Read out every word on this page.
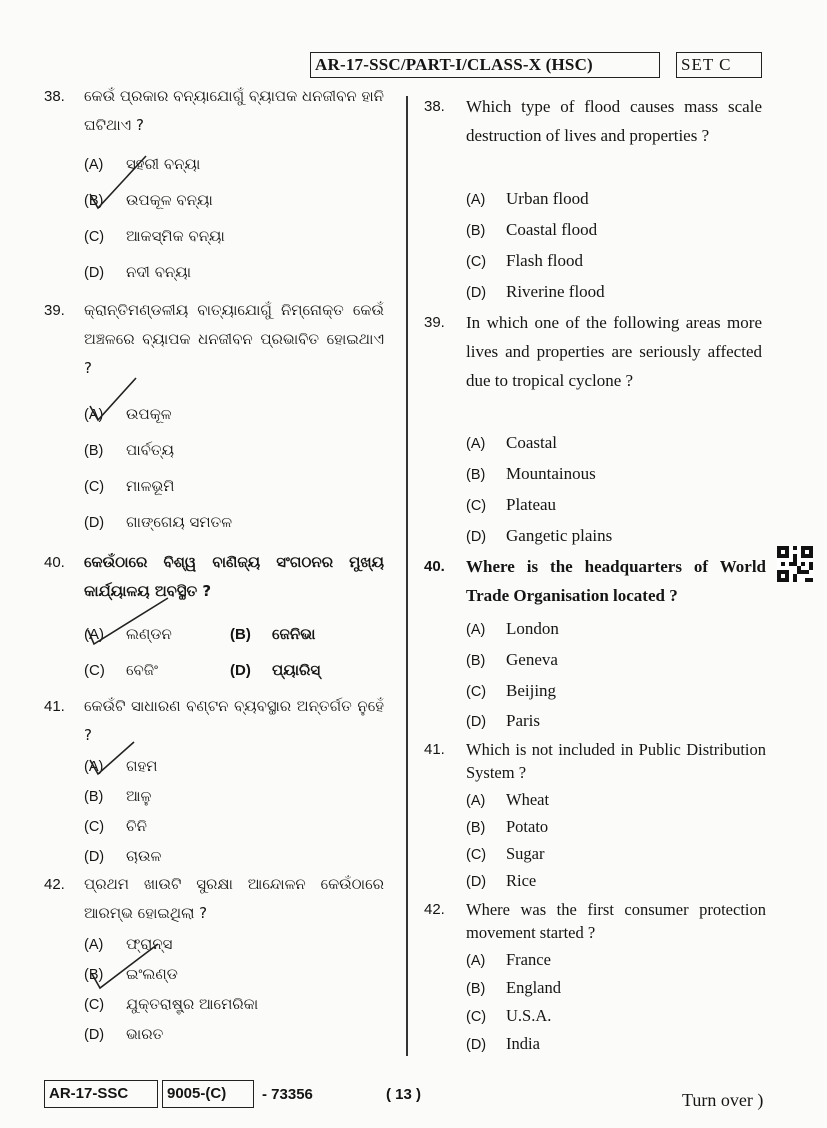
AR-17-SSC/PART-I/CLASS-X (HSC)	SET C
38.	କେଉଁ ପ୍ରକାର ବନ୍ୟାଯୋଗୁଁ ବ୍ୟାପକ ଧନଜୀବନ ହାନି ଘଟିଥାଏ ?
(A) ସହରୀ ବନ୍ୟା
(B) ଉପକୂଳ ବନ୍ୟା
(C) ଆକସ୍ମିକ ବନ୍ୟା
(D) ନଦୀ ବନ୍ୟା
39.	କ୍ରାନ୍ତିମଣ୍ଡଳୀୟ ବାତ୍ୟାଯୋଗୁଁ ନିମ୍ନୋକ୍ତ କେଉଁ ଅଞ୍ଚଳରେ ବ୍ୟାପକ ଧନଜୀବନ ପ୍ରଭାବିତ ହୋଇଥାଏ ?
(A) ଉପକୂଳ
(B) ପାର୍ବତ୍ୟ
(C) ମାଳଭୂମି
(D) ଗାଙ୍ଗେୟ ସମତଳ
40.	କେଉଁଠାରେ ବିଶ୍ୱ ବାଣିଜ୍ୟ ସଂଗଠନର ମୁଖ୍ୟ କାର୍ଯ୍ୟାଳୟ ଅବସ୍ଥିତ ?
(A) ଲଣ୍ଡନ	(B) ଜେନିଭା
(C) ବେଜିଂ	(D) ପ୍ୟାରିସ୍
41.	କେଉଁଟି ସାଧାରଣ ବଣ୍ଟନ ବ୍ୟବସ୍ଥାର ଅନ୍ତର୍ଗତ ନୁହେଁ ?
(A) ଗହମ
(B) ଆଳୁ
(C) ଚିନି
(D) ଚାଉଳ
42.	ପ୍ରଥମ ଖାଉଟି ସୁରକ୍ଷା ଆନ୍ଦୋଳନ କେଉଁଠାରେ ଆରମ୍ଭ ହୋଇଥିଲା ?
(A) ଫ୍ରାନ୍ସ
(B) ଇଂଲଣ୍ଡ
(C) ଯୁକ୍ତରାଷ୍ଟ୍ର ଆମେରିକା
(D) ଭାରତ
38.	Which type of flood causes mass scale destruction of lives and properties ?
(A) Urban flood
(B) Coastal flood
(C) Flash flood
(D) Riverine flood
39.	In which one of the following areas more lives and properties are seriously affected due to tropical cyclone ?
(A) Coastal
(B) Mountainous
(C) Plateau
(D) Gangetic plains
40.	Where is the headquarters of World Trade Organisation located ?
(A) London
(B) Geneva
(C) Beijing
(D) Paris
41.	Which is not included in Public Distribution System ?
(A) Wheat
(B) Potato
(C) Sugar
(D) Rice
42.	Where was the first consumer protection movement started ?
(A) France
(B) England
(C) U.S.A.
(D) India
AR-17-SSC	9005-(C)	- 73356	( 13 )	Turn over )
